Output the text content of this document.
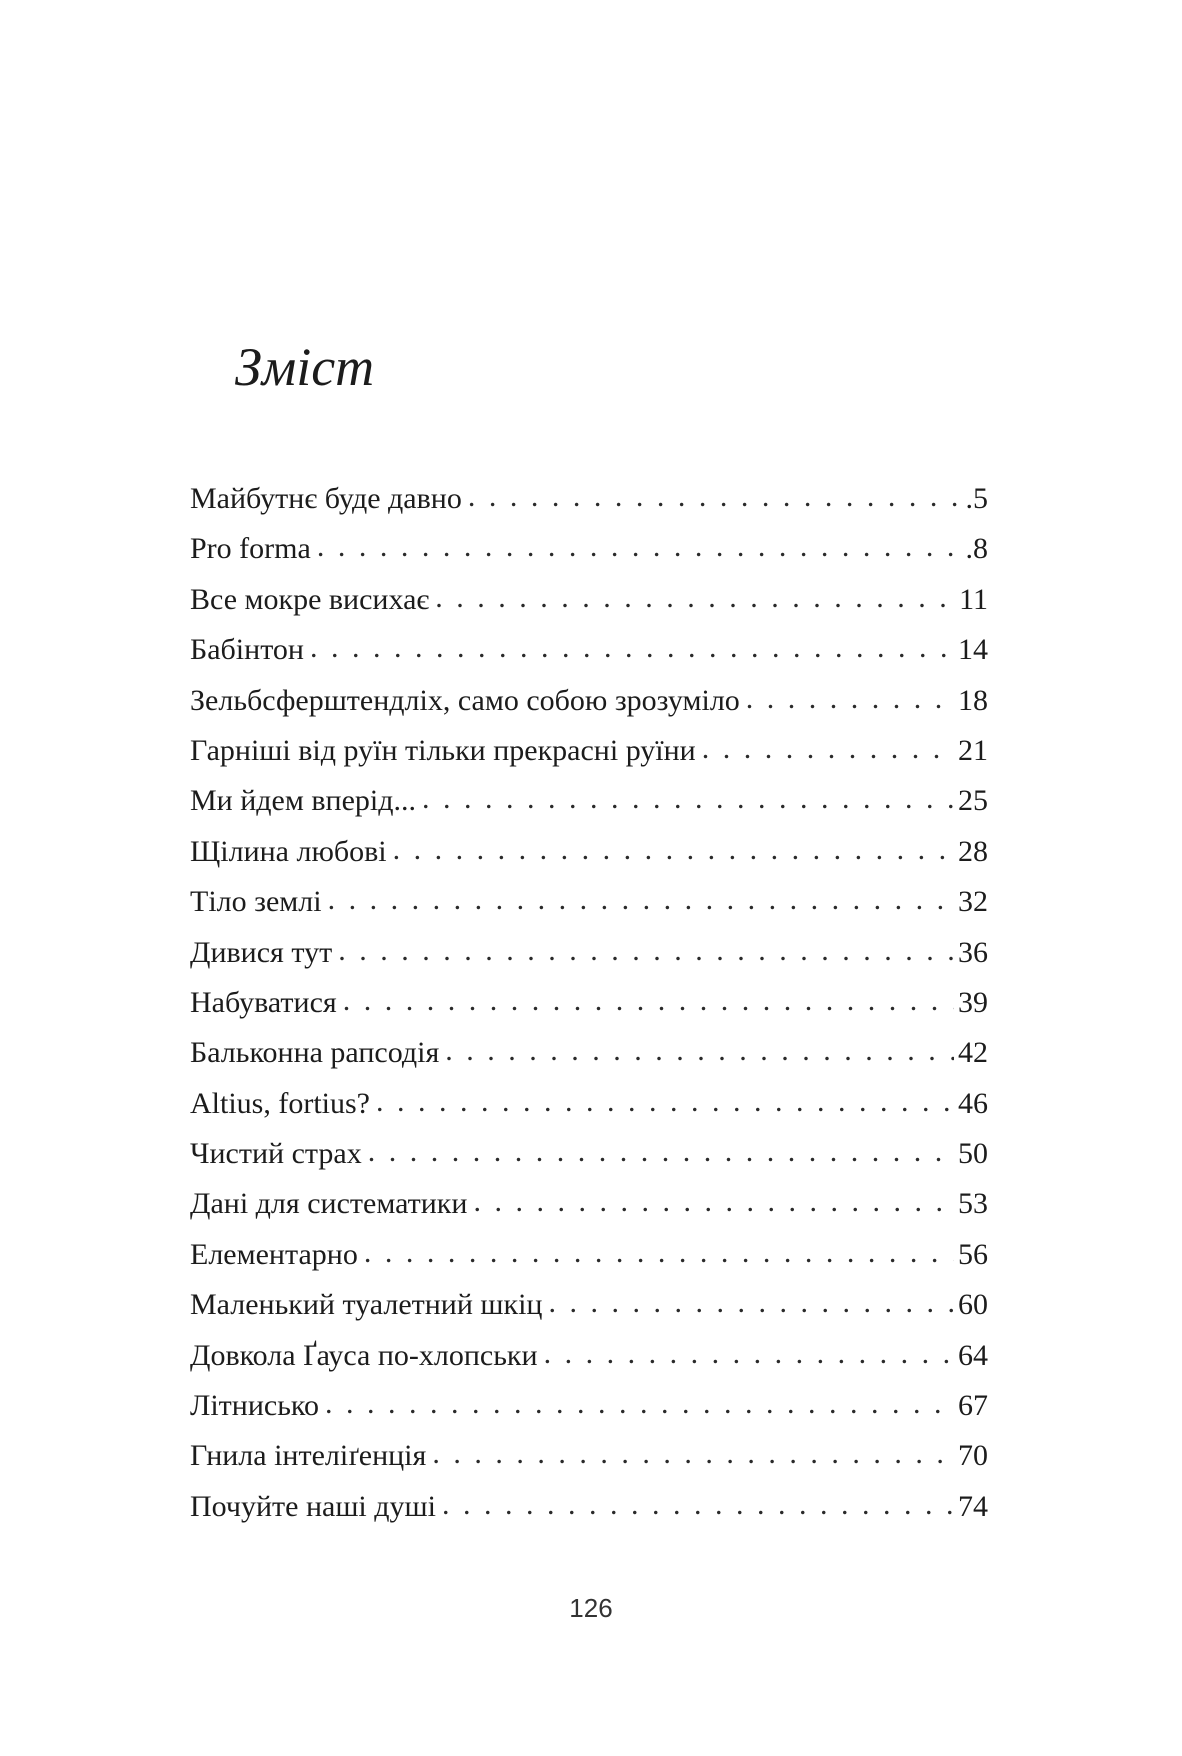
Зміст
Майбутнє буде давно . . .	.5
Pro forma . . .	.8
Все мокре висихає . . .	11
Бабінтон . . .	14
Зельбсферштендліх, само собою зрозуміло . . .	18
Гарніші від руїн тільки прекрасні руїни . . .	21
Ми йдем вперід... . . .	25
Щілина любові . . .	28
Тіло землі . . .	32
Дивися тут . . .	36
Набуватися . . .	39
Бальконна рапсодія . . .	42
Altius, fortius? . . .	46
Чистий страх . . .	50
Дані для систематики . . .	53
Елементарно . . .	56
Маленький туалетний шкіц . . .	60
Довкола Ґауса по-хлопськи . . .	64
Літнисько . . .	67
Гнила інтеліґенція . . .	70
Почуйте наші душі . . .	74
126
